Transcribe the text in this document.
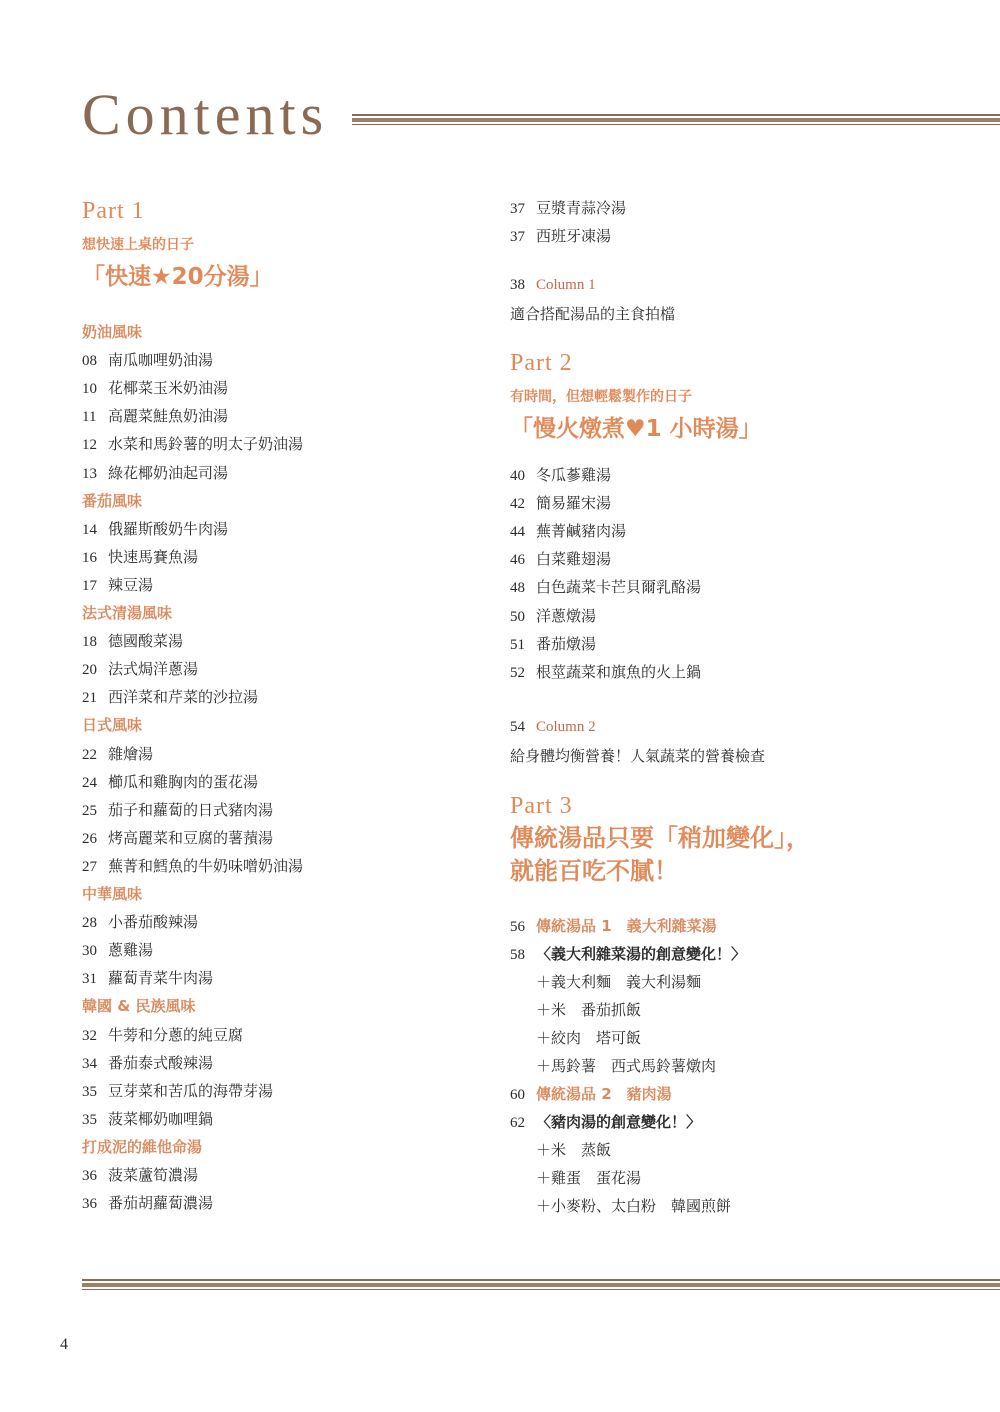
Contents
Part 1
想快速上桌的日子
「快速★20分湯」
奶油風味
08 南瓜咖哩奶油湯
10 花椰菜玉米奶油湯
11 高麗菜鮭魚奶油湯
12 水菜和馬鈴薯的明太子奶油湯
13 綠花椰奶油起司湯
番茄風味
14 俄羅斯酸奶牛肉湯
16 快速馬賽魚湯
17 辣豆湯
法式清湯風味
18 德國酸菜湯
20 法式焗洋蔥湯
21 西洋菜和芹菜的沙拉湯
日式風味
22 雜燴湯
24 櫛瓜和雞胸肉的蛋花湯
25 茄子和蘿蔔的日式豬肉湯
26 烤高麗菜和豆腐的薯蕷湯
27 蕪菁和鱈魚的牛奶味噌奶油湯
中華風味
28 小番茄酸辣湯
30 蔥雞湯
31 蘿蔔青菜牛肉湯
韓國 & 民族風味
32 牛蒡和分蔥的純豆腐
34 番茄泰式酸辣湯
35 豆芽菜和苦瓜的海帶芽湯
35 菠菜椰奶咖哩鍋
打成泥的維他命湯
36 菠菜蘆筍濃湯
36 番茄胡蘿蔔濃湯
37 豆漿青蒜冷湯
37 西班牙凍湯
38 Column 1
適合搭配湯品的主食拍檔
Part 2
有時間，但想輕鬆製作的日子
「慢火燉煮♥1 小時湯」
40 冬瓜蔘雞湯
42 簡易羅宋湯
44 蕪菁鹹豬肉湯
46 白菜雞翅湯
48 白色蔬菜卡芒貝爾乳酪湯
50 洋蔥燉湯
51 番茄燉湯
52 根莖蔬菜和旗魚的火上鍋
54 Column 2
給身體均衡營養！人氣蔬菜的營養檢查
Part 3
傳統湯品只要「稍加變化」，
就能百吃不膩！
56 傳統湯品 1　義大利雜菜湯
58 〈義大利雜菜湯的創意變化！〉
＋義大利麵　義大利湯麵
＋米　番茄抓飯
＋絞肉　塔可飯
＋馬鈴薯　西式馬鈴薯燉肉
60 傳統湯品 2　豬肉湯
62 〈豬肉湯的創意變化！〉
＋米　蒸飯
＋雞蛋　蛋花湯
＋小麥粉、太白粉　韓國煎餅
4
